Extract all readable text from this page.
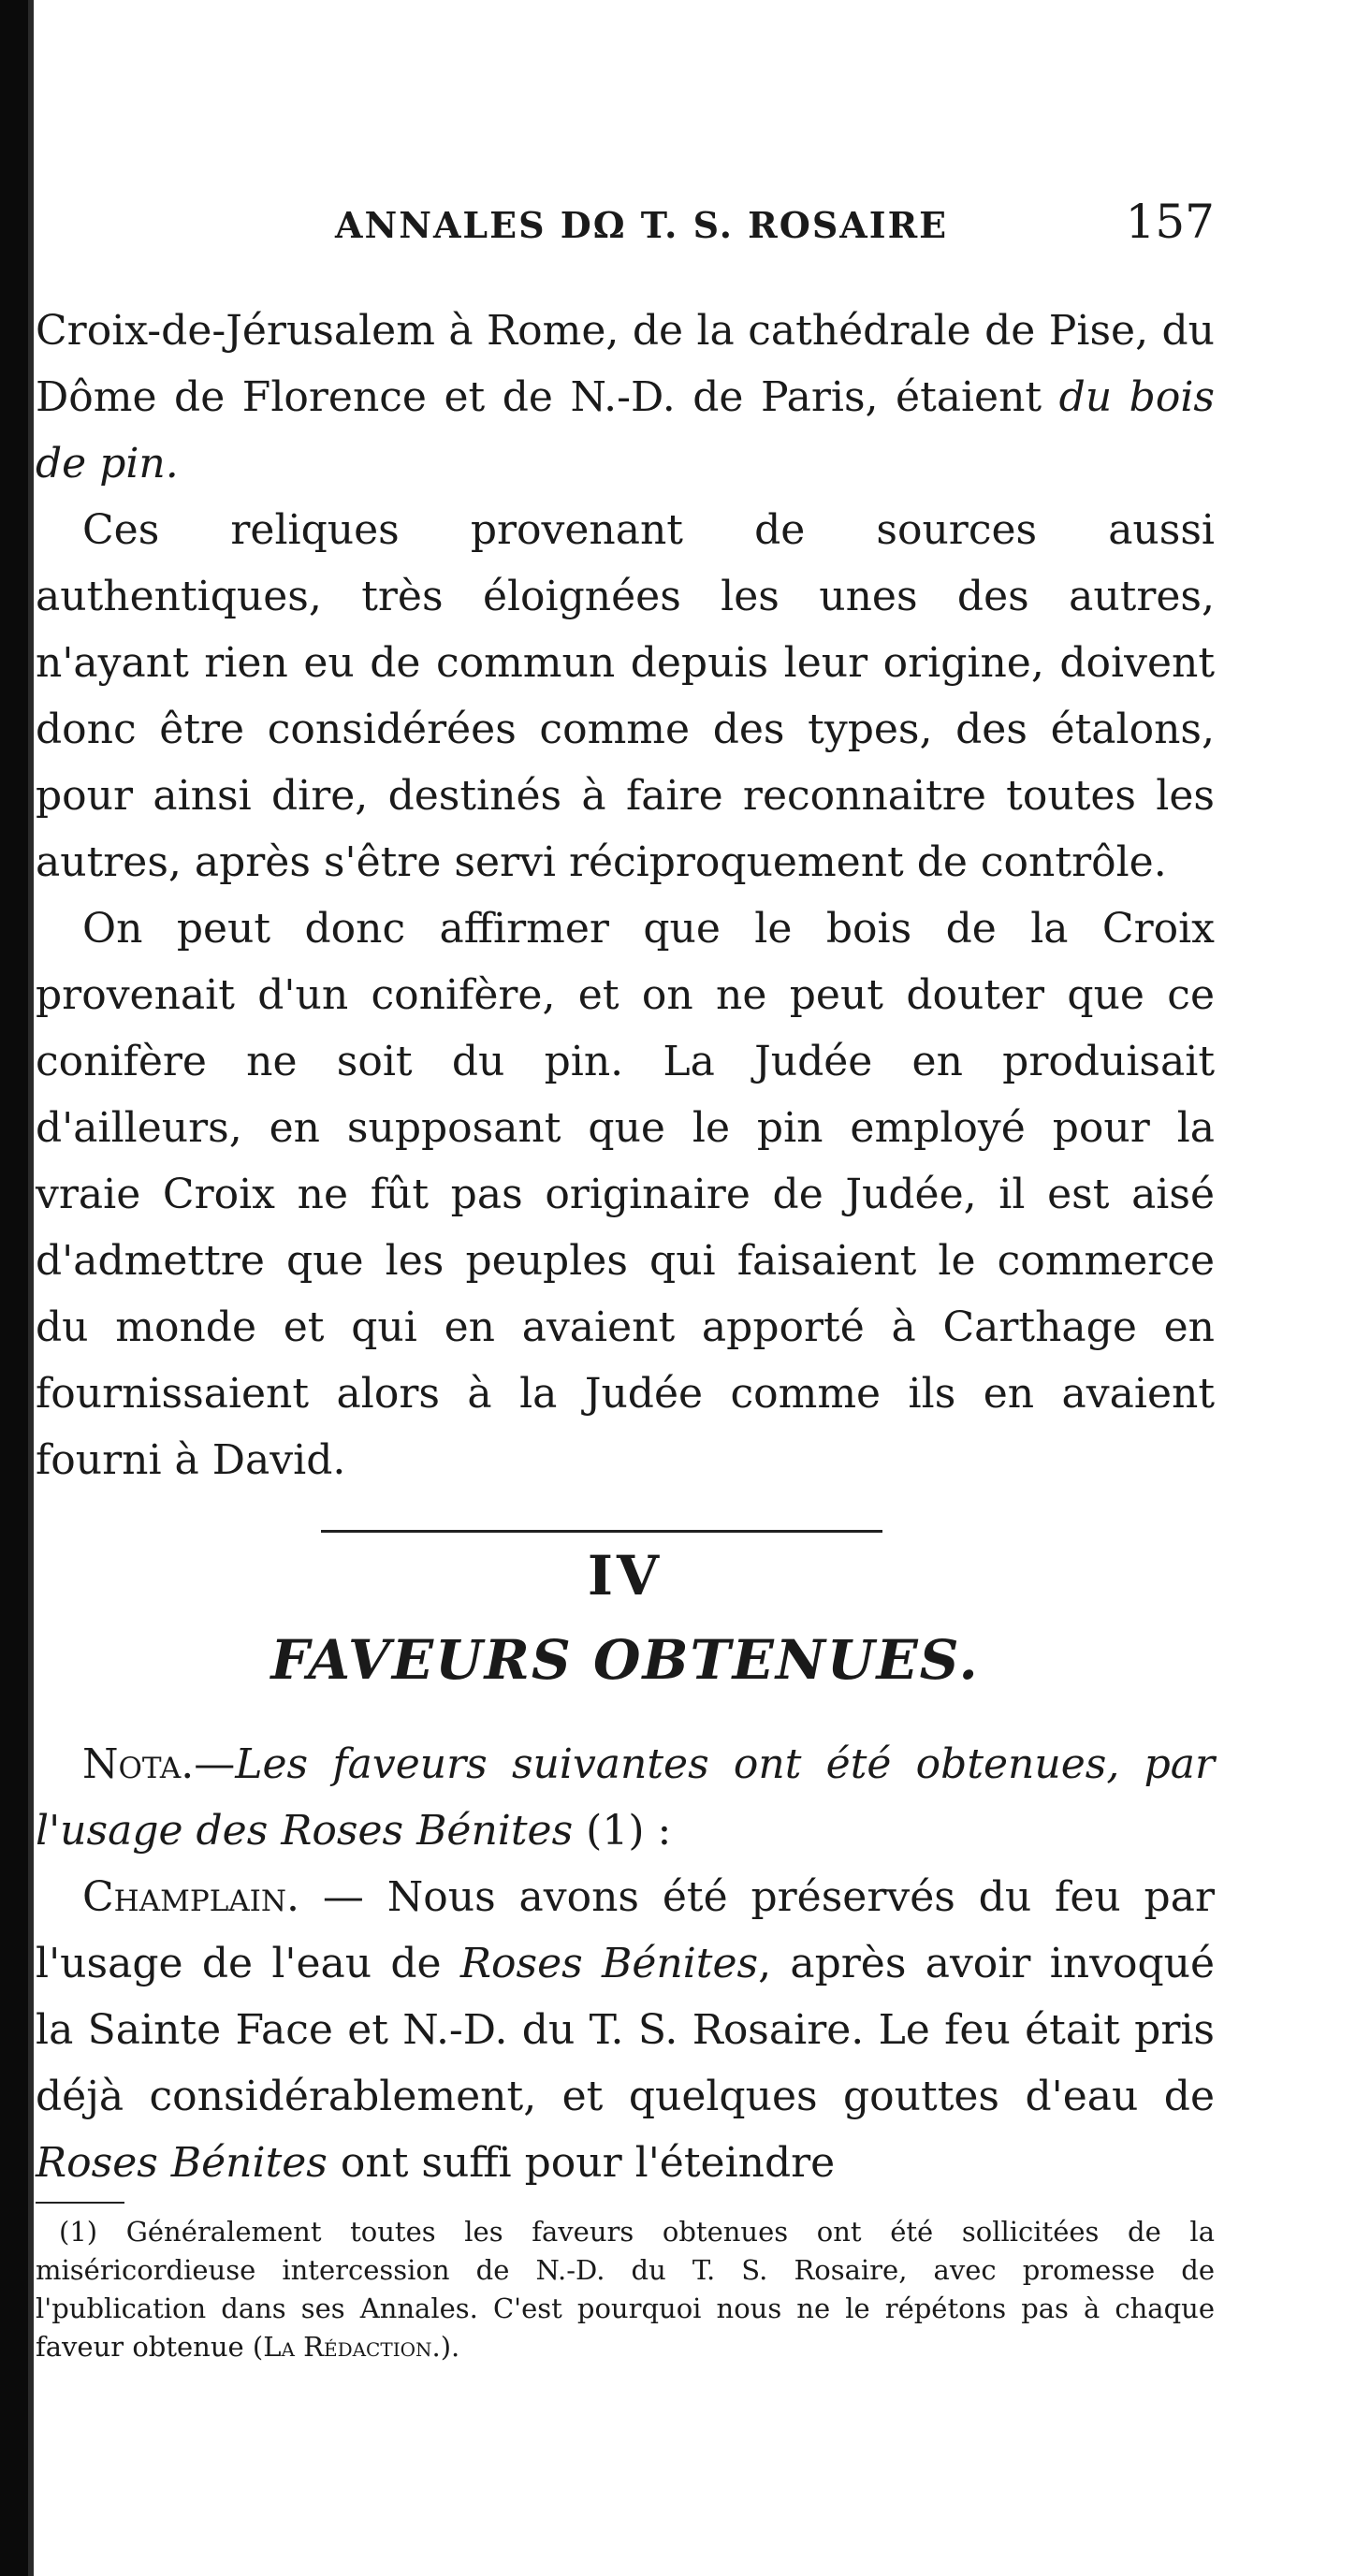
ANNALES DΩ T. S. ROSAIRE	157

Croix-de-Jérusalem à Rome, de la cathédrale de Pise, du Dôme de Florence et de N.-D. de Paris, étaient du bois de pin.

Ces reliques provenant de sources aussi authentiques, très éloignées les unes des autres, n'ayant rien eu de commun depuis leur origine, doivent donc être considérées comme des types, des étalons, pour ainsi dire, destinés à faire reconnaitre toutes les autres, après s'être servi réciproquement de contrôle.

On peut donc affirmer que le bois de la Croix provenait d'un conifère, et on ne peut douter que ce conifère ne soit du pin. La Judée en produisait d'ailleurs, en supposant que le pin employé pour la vraie Croix ne fût pas originaire de Judée, il est aisé d'admettre que les peuples qui faisaient le commerce du monde et qui en avaient apporté à Carthage en fournissaient alors à la Judée comme ils en avaient fourni à David.

IV
FAVEURS OBTENUES.

Nota.—Les faveurs suivantes ont été obtenues, par l'usage des Roses Bénites (1) :

Champlain. — Nous avons été préservés du feu par l'usage de l'eau de Roses Bénites, après avoir invoqué la Sainte Face et N.-D. du T. S. Rosaire. Le feu était pris déjà considérablement, et quelques gouttes d'eau de Roses Bénites ont suffi pour l'éteindre

(1) Généralement toutes les faveurs obtenues ont été sollicitées de la miséricordieuse intercession de N.-D. du T. S. Rosaire, avec promesse de l'publication dans ses Annales. C'est pourquoi nous ne le répétons pas à chaque faveur obtenue (La Rédaction.).
